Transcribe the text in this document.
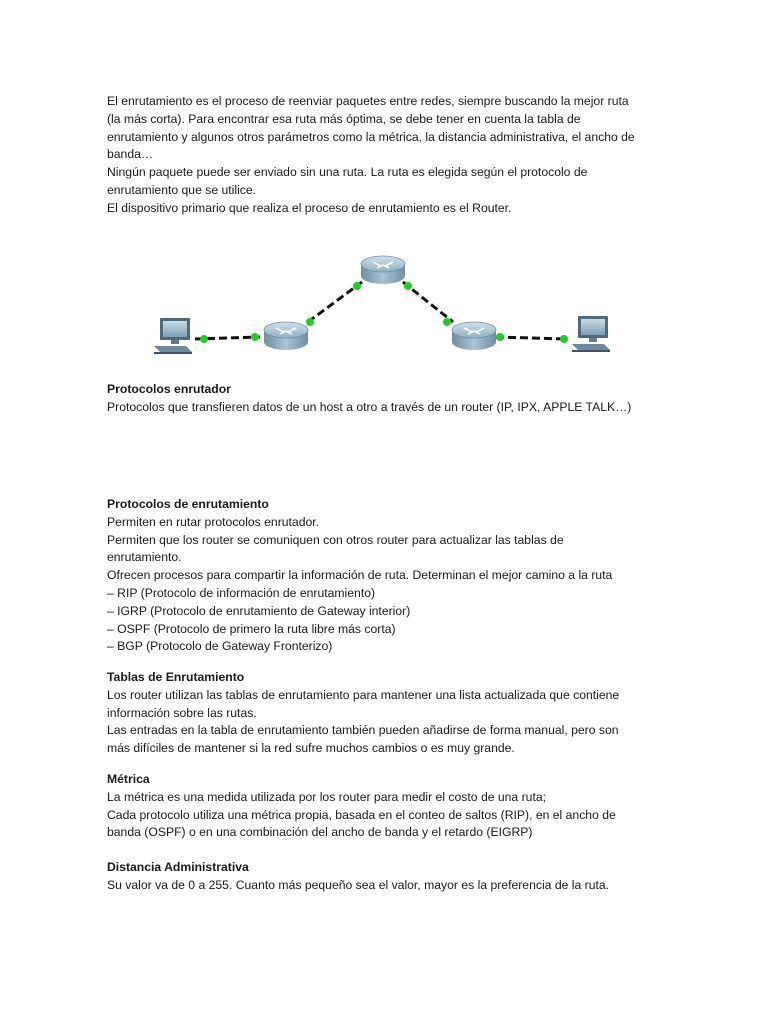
El enrutamiento es el proceso de reenviar paquetes entre redes, siempre buscando la mejor ruta

(la más corta). Para encontrar esa ruta más óptima, se debe tener en cuenta la tabla de

enrutamiento y algunos otros parámetros como la métrica, la distancia administrativa, el ancho de

banda…

Ningún paquete puede ser enviado sin una ruta. La ruta es elegida según el protocolo de

enrutamiento que se utilice.

El dispositivo primario que realiza el proceso de enrutamiento es el Router.

Protocolos enrutador

Protocolos que transfieren datos de un host a otro a través de un router (IP, IPX, APPLE TALK…)

Protocolos de enrutamiento

Permiten en rutar protocolos enrutador.

Permiten que los router se comuniquen con otros router para actualizar las tablas de

enrutamiento.

Ofrecen procesos para compartir la información de ruta. Determinan el mejor camino a la ruta

– RIP (Protocolo de información de enrutamiento)

– IGRP (Protocolo de enrutamiento de Gateway interior)

– OSPF (Protocolo de primero la ruta libre más corta)

– BGP (Protocolo de Gateway Fronterizo)

Tablas de Enrutamiento

Los router utilizan las tablas de enrutamiento para mantener una lista actualizada que contiene

información sobre las rutas.

Las entradas en la tabla de enrutamiento también pueden añadirse de forma manual, pero son

más difíciles de mantener si la red sufre muchos cambios o es muy grande.

Métrica

La métrica es una medida utilizada por los router para medir el costo de una ruta;

Cada protocolo utiliza una métrica propia, basada en el conteo de saltos (RIP), en el ancho de

banda (OSPF) o en una combinación del ancho de banda y el retardo (EIGRP)

Distancia Administrativa

Su valor va de 0 a 255. Cuanto más pequeño sea el valor, mayor es la preferencia de la ruta.
